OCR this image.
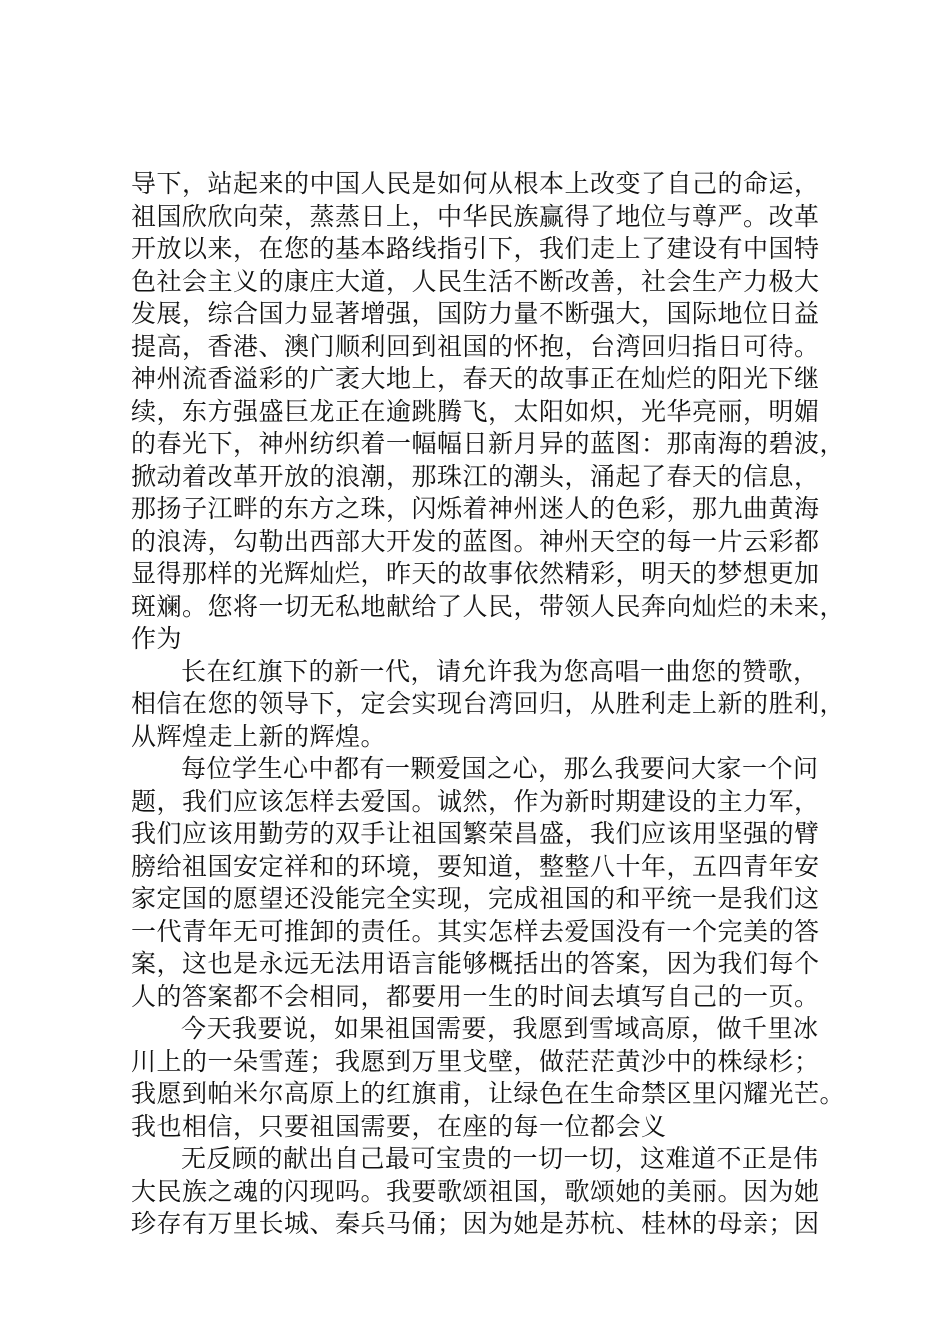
导下，站起来的中国人民是如何从根本上改变了自己的命运，
祖国欣欣向荣，蒸蒸日上，中华民族赢得了地位与尊严。改革
开放以来，在您的基本路线指引下，我们走上了建设有中国特
色社会主义的康庄大道，人民生活不断改善，社会生产力极大
发展，综合国力显著增强，国防力量不断强大，国际地位日益
提高，香港、澳门顺利回到祖国的怀抱，台湾回归指日可待。
神州流香溢彩的广袤大地上，春天的故事正在灿烂的阳光下继
续，东方强盛巨龙正在逾跳腾飞，太阳如炽，光华亮丽，明媚
的春光下，神州纺织着一幅幅日新月异的蓝图：那南海的碧波，
掀动着改革开放的浪潮，那珠江的潮头，涌起了春天的信息，
那扬子江畔的东方之珠，闪烁着神州迷人的色彩，那九曲黄海
的浪涛，勾勒出西部大开发的蓝图。神州天空的每一片云彩都
显得那样的光辉灿烂，昨天的故事依然精彩，明天的梦想更加
斑斓。您将一切无私地献给了人民，带领人民奔向灿烂的未来，
作为
长在红旗下的新一代，请允许我为您高唱一曲您的赞歌，
相信在您的领导下，定会实现台湾回归，从胜利走上新的胜利，
从辉煌走上新的辉煌。
每位学生心中都有一颗爱国之心，那么我要问大家一个问
题，我们应该怎样去爱国。诚然，作为新时期建设的主力军，
我们应该用勤劳的双手让祖国繁荣昌盛，我们应该用坚强的臂
膀给祖国安定祥和的环境，要知道，整整八十年，五四青年安
家定国的愿望还没能完全实现，完成祖国的和平统一是我们这
一代青年无可推卸的责任。其实怎样去爱国没有一个完美的答
案，这也是永远无法用语言能够概括出的答案，因为我们每个
人的答案都不会相同，都要用一生的时间去填写自己的一页。
今天我要说，如果祖国需要，我愿到雪域高原，做千里冰
川上的一朵雪莲；我愿到万里戈壁，做茫茫黄沙中的株绿杉；
我愿到帕米尔高原上的红旗甫，让绿色在生命禁区里闪耀光芒。
我也相信，只要祖国需要，在座的每一位都会义
无反顾的献出自己最可宝贵的一切一切，这难道不正是伟
大民族之魂的闪现吗。我要歌颂祖国，歌颂她的美丽。因为她
珍存有万里长城、秦兵马俑；因为她是苏杭、桂林的母亲；因
